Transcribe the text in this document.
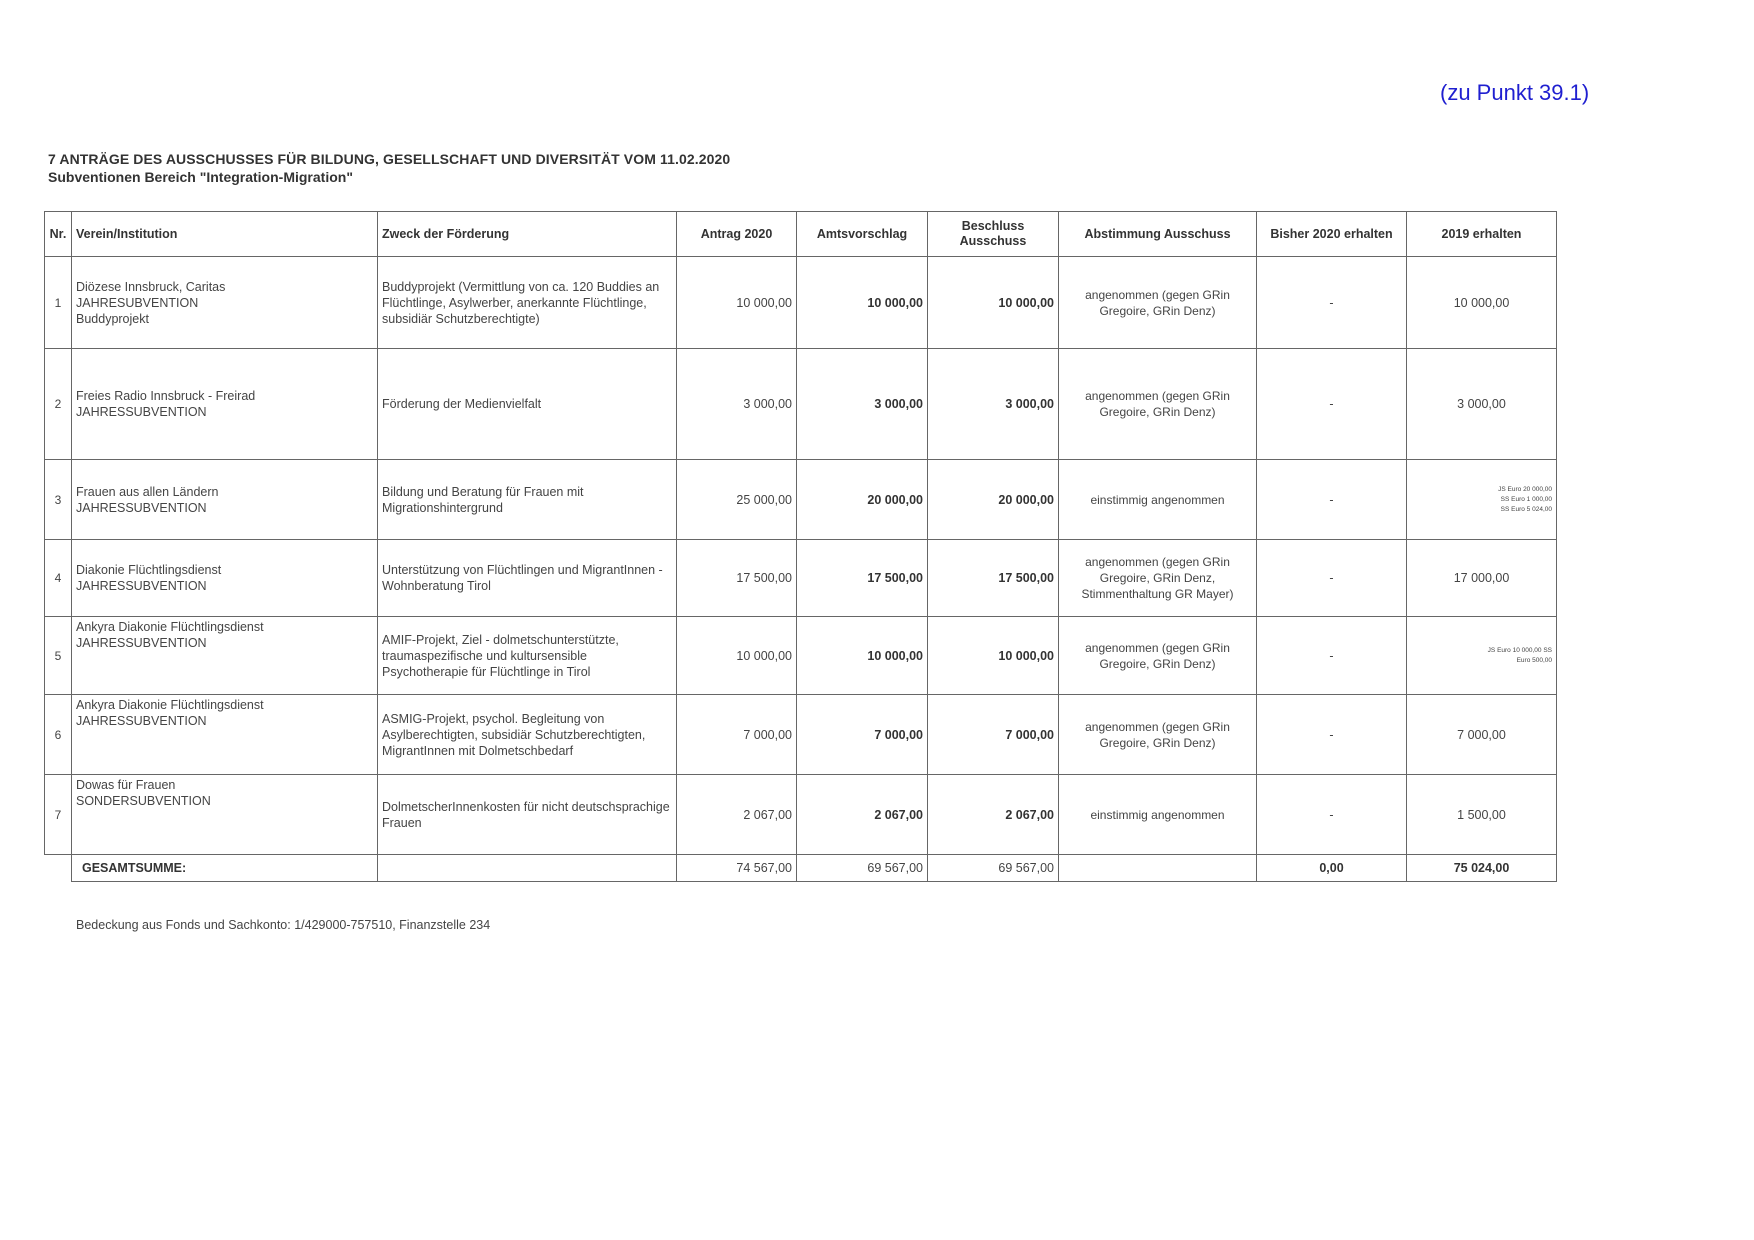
(zu Punkt 39.1)
7 ANTRÄGE DES AUSSCHUSSES FÜR BILDUNG, GESELLSCHAFT UND DIVERSITÄT VOM 11.02.2020
Subventionen Bereich "Integration-Migration"
Nr.	Verein/Institution	Zweck der Förderung	Antrag 2020	Amtsvorschlag	Beschluss Ausschuss	Abstimmung Ausschuss	Bisher 2020 erhalten	2019 erhalten
1	Diözese Innsbruck, Caritas
JAHRESUBVENTION
Buddyprojekt	Buddyprojekt (Vermittlung von ca. 120 Buddies an Flüchtlinge, Asylwerber, anerkannte Flüchtlinge, subsidiär Schutzberechtigte)	10 000,00	10 000,00	10 000,00	angenommen (gegen GRin Gregoire, GRin Denz)	-	10 000,00
2	Freies Radio Innsbruck - Freirad
JAHRESSUBVENTION	Förderung der Medienvielfalt	3 000,00	3 000,00	3 000,00	angenommen (gegen GRin Gregoire, GRin Denz)	-	3 000,00
3	Frauen aus allen Ländern
JAHRESSUBVENTION	Bildung und Beratung für Frauen mit Migrationshintergrund	25 000,00	20 000,00	20 000,00	einstimmig angenommen	-	JS Euro 20 000,00
SS Euro 1 000,00
SS Euro 5 024,00
4	Diakonie Flüchtlingsdienst
JAHRESSUBVENTION	Unterstützung von Flüchtlingen und MigrantInnen - Wohnberatung Tirol	17 500,00	17 500,00	17 500,00	angenommen (gegen GRin Gregoire, GRin Denz, Stimmenthaltung GR Mayer)	-	17 000,00
5	Ankyra Diakonie Flüchtlingsdienst
JAHRESSUBVENTION	AMIF-Projekt, Ziel - dolmetschunterstützte, traumaspezifische und kultursensible Psychotherapie für Flüchtlinge in Tirol	10 000,00	10 000,00	10 000,00	angenommen (gegen GRin Gregoire, GRin Denz)	-	JS Euro 10 000,00 SS
Euro 500,00
6	Ankyra Diakonie Flüchtlingsdienst
JAHRESSUBVENTION	ASMIG-Projekt, psychol. Begleitung von Asylberechtigten, subsidiär Schutzberechtigten, MigrantInnen mit Dolmetschbedarf	7 000,00	7 000,00	7 000,00	angenommen (gegen GRin Gregoire, GRin Denz)	-	7 000,00
7	Dowas für Frauen
SONDERSUBVENTION	DolmetscherInnenkosten für nicht deutschsprachige Frauen	2 067,00	2 067,00	2 067,00	einstimmig angenommen	-	1 500,00
	GESAMTSUMME:		74 567,00	69 567,00	69 567,00		0,00	75 024,00
Bedeckung aus Fonds und Sachkonto: 1/429000-757510, Finanzstelle 234
